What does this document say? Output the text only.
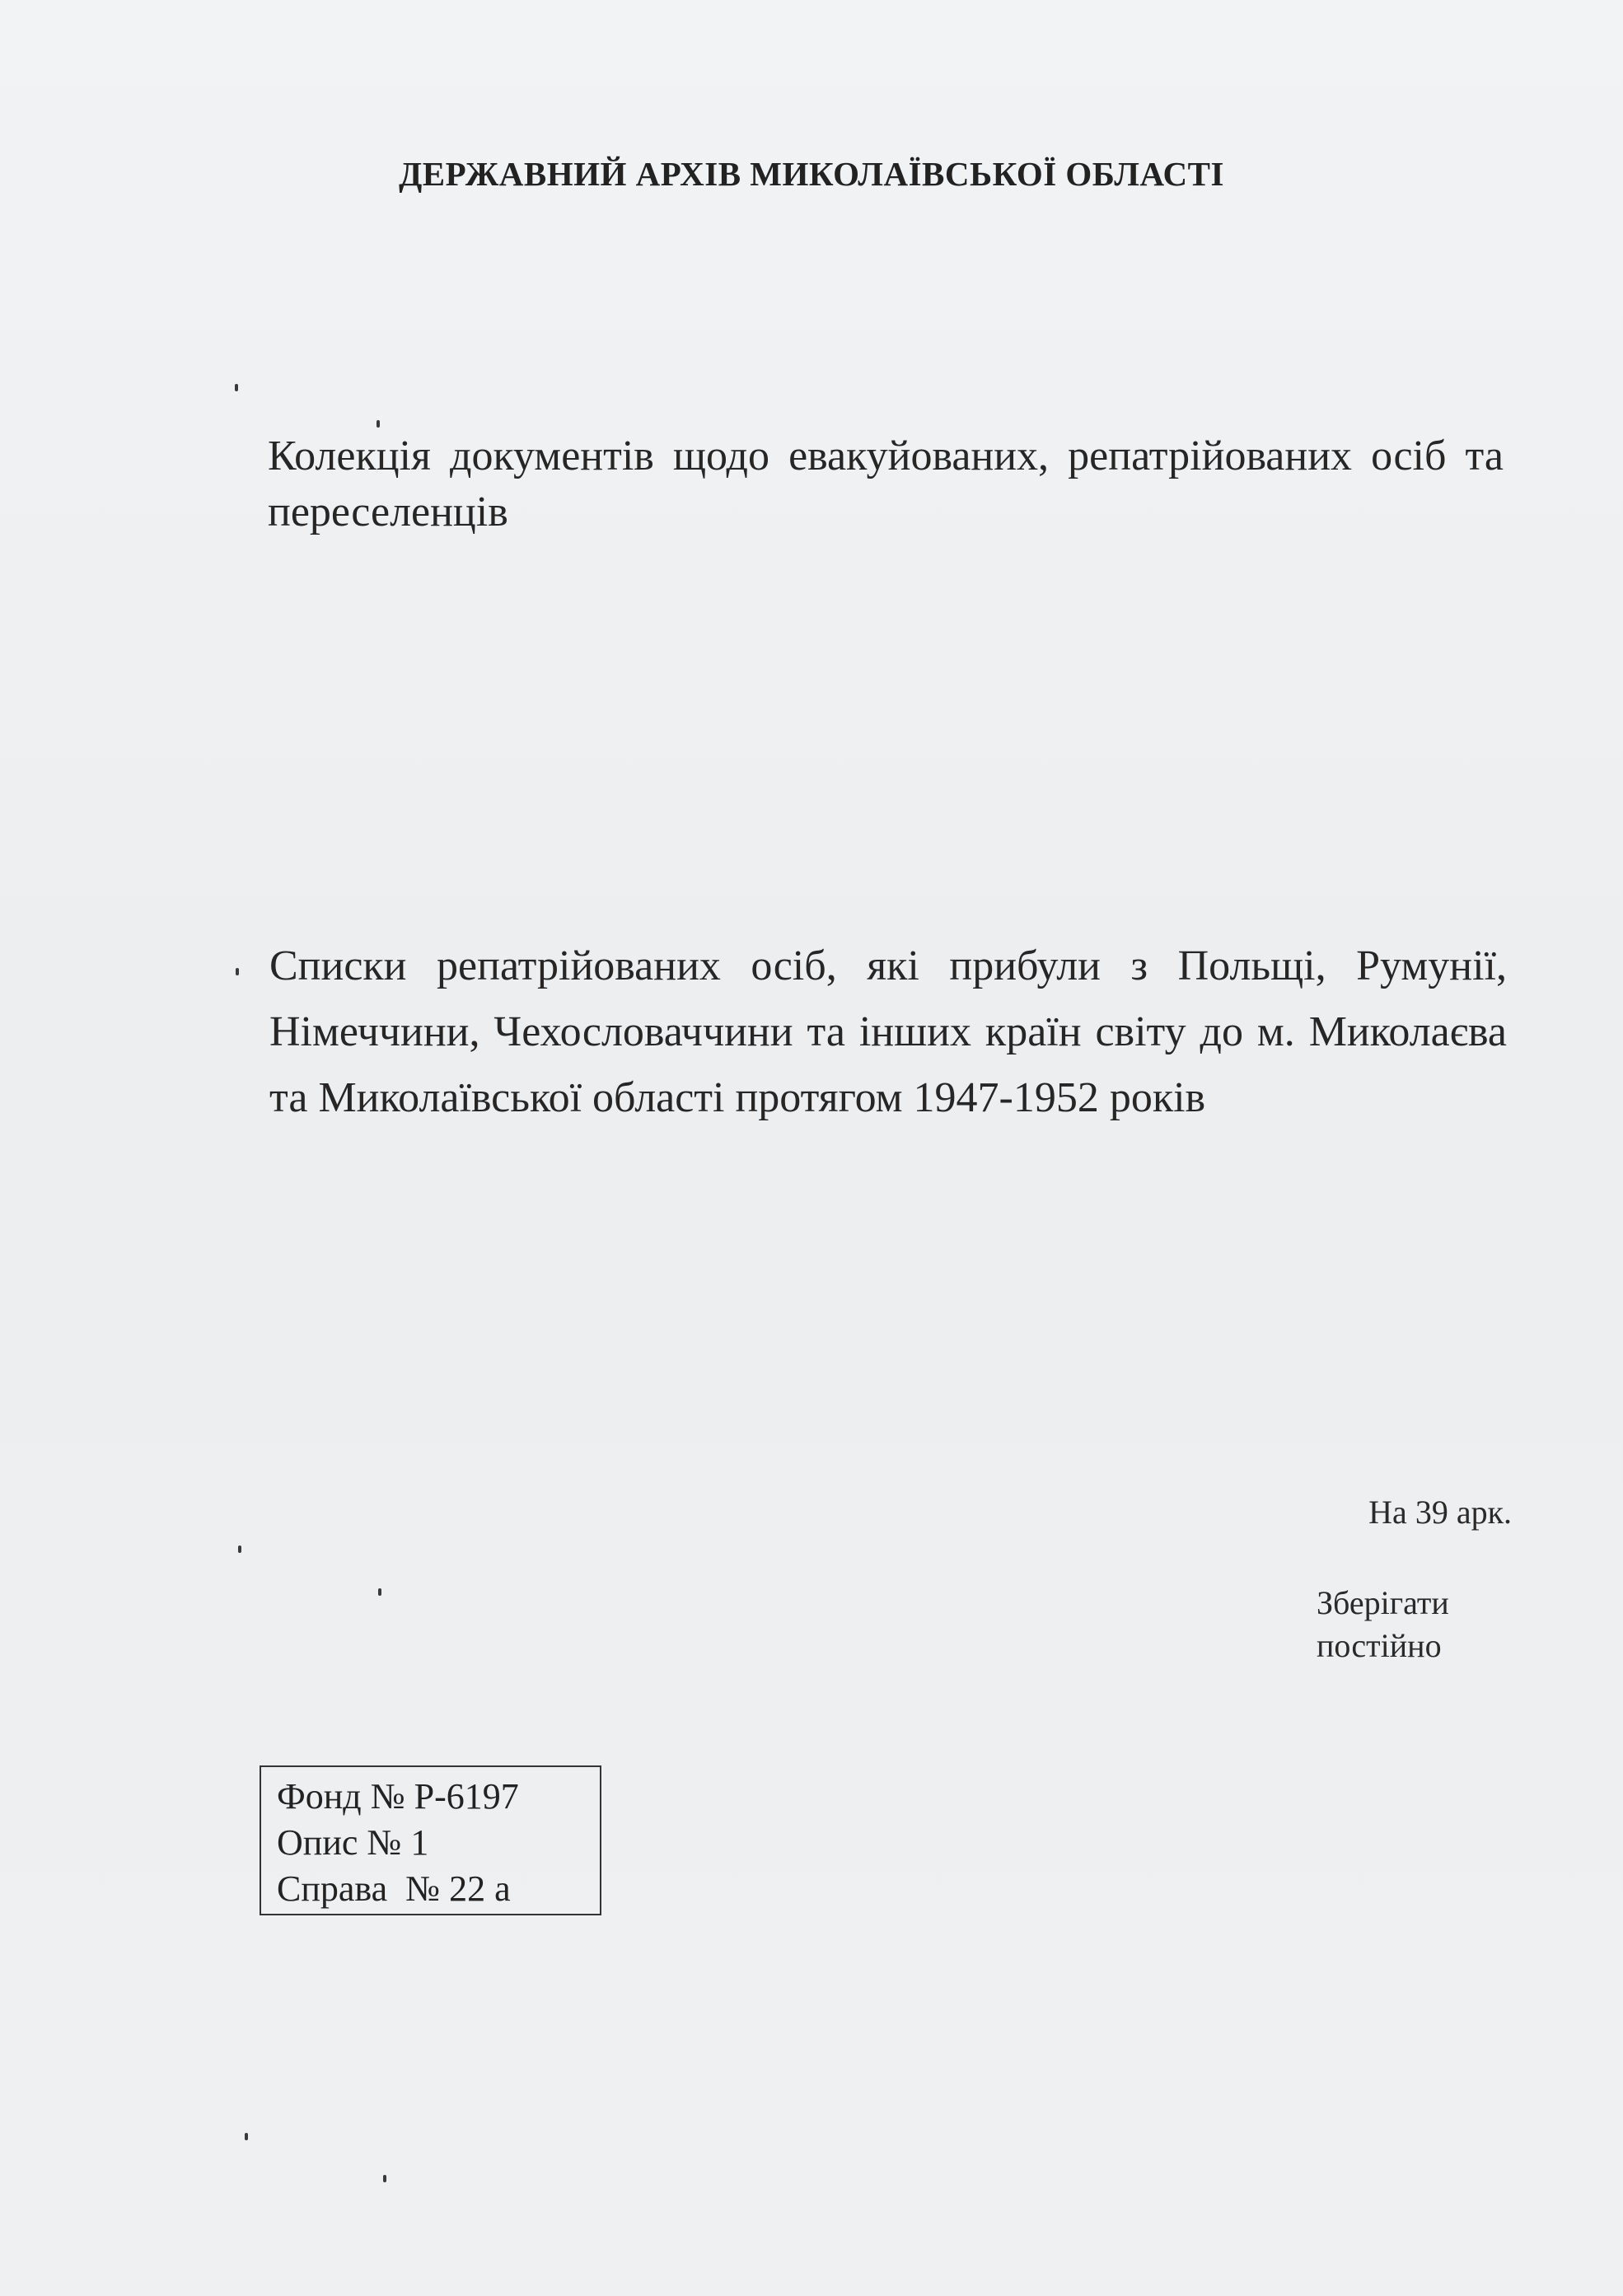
ДЕРЖАВНИЙ АРХІВ МИКОЛАЇВСЬКОЇ ОБЛАСТІ
Колекція документів щодо евакуйованих, репатрійованих осіб та переселенців
Списки репатрійованих осіб, які прибули з Польщі, Румунії, Німеччини, Чехословаччини та інших країн світу до м. Миколаєва та Миколаївської області протягом 1947-1952 років
На 39 арк.
Зберігати
постійно
Фонд № Р-6197
Опис № 1
Справа  № 22 а
